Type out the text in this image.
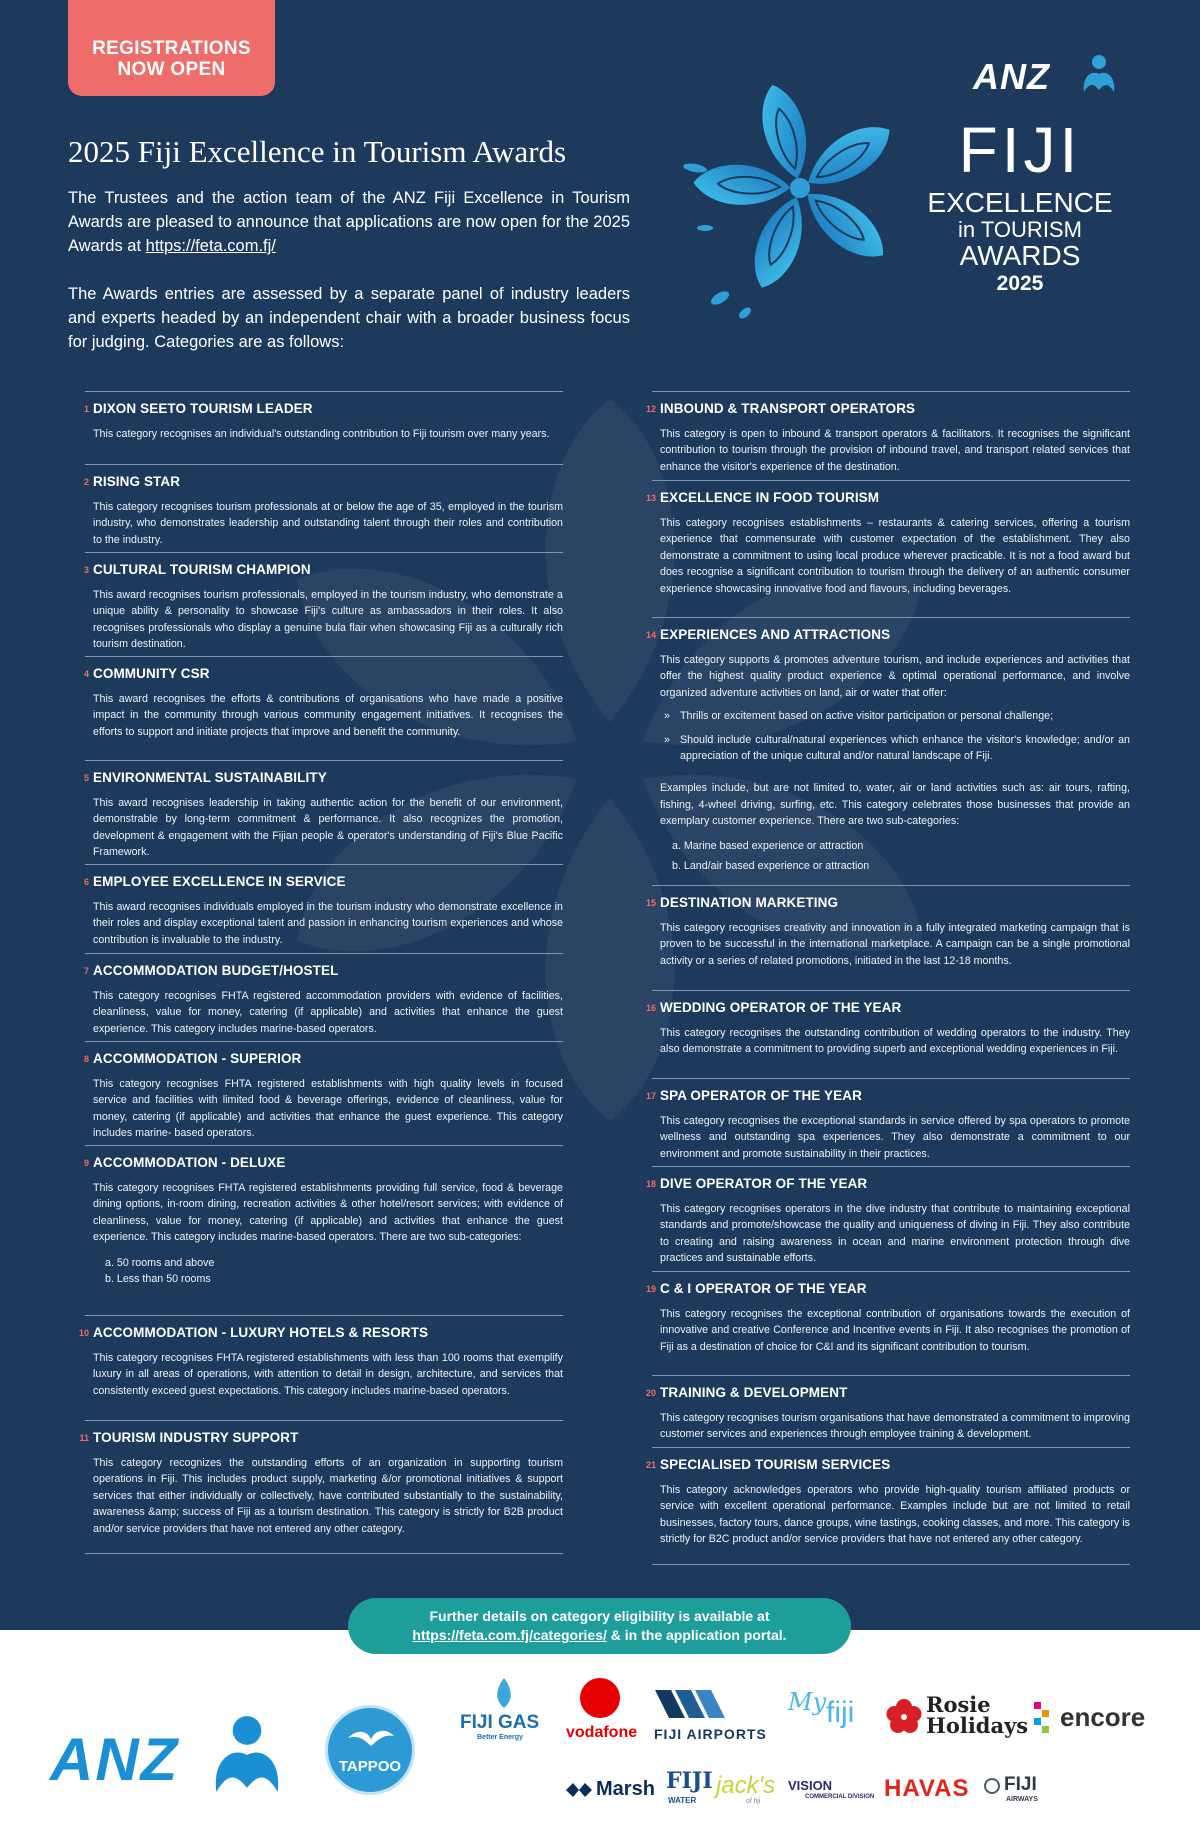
REGISTRATIONS
NOW OPEN
2025 Fiji Excellence in Tourism Awards

The Trustees and the action team of the ANZ Fiji Excellence in Tourism Awards are pleased to announce that applications are now open for the 2025 Awards at https://feta.com.fj/

The Awards entries are assessed by a separate panel of industry leaders and experts headed by an independent chair with a broader business focus for judging. Categories are as follows:

ANZ
FIJI
EXCELLENCE
in TOURISM
AWARDS
2025
1 DIXON SEETO TOURISM LEADER
This category recognises an individual's outstanding contribution to Fiji tourism over many years.
2 RISING STAR
This category recognises tourism professionals at or below the age of 35, employed in the tourism industry, who demonstrates leadership and outstanding talent through their roles and contribution to the industry.
3 CULTURAL TOURISM CHAMPION
This award recognises tourism professionals, employed in the tourism industry, who demonstrate a unique ability & personality to showcase Fiji's culture as ambassadors in their roles. It also recognises professionals who display a genuine bula flair when showcasing Fiji as a culturally rich tourism destination.
4 COMMUNITY CSR
This award recognises the efforts & contributions of organisations who have made a positive impact in the community through various community engagement initiatives. It recognises the efforts to support and initiate projects that improve and benefit the community.
5 ENVIRONMENTAL SUSTAINABILITY
This award recognises leadership in taking authentic action for the benefit of our environment, demonstrable by long-term commitment & performance. It also recognizes the promotion, development & engagement with the Fijian people & operator's understanding of Fiji's Blue Pacific Framework.
6 EMPLOYEE EXCELLENCE IN SERVICE
This award recognises individuals employed in the tourism industry who demonstrate excellence in their roles and display exceptional talent and passion in enhancing tourism experiences and whose contribution is invaluable to the industry.
7 ACCOMMODATION BUDGET/HOSTEL
This category recognises FHTA registered accommodation providers with evidence of facilities, cleanliness, value for money, catering (if applicable) and activities that enhance the guest experience. This category includes marine-based operators.
8 ACCOMMODATION - SUPERIOR
This category recognises FHTA registered establishments with high quality levels in focused service and facilities with limited food & beverage offerings, evidence of cleanliness, value for money, catering (if applicable) and activities that enhance the guest experience. This category includes marine- based operators.
9 ACCOMMODATION - DELUXE
This category recognises FHTA registered establishments providing full service, food & beverage dining options, in-room dining, recreation activities & other hotel/resort services; with evidence of cleanliness, value for money, catering (if applicable) and activities that enhance the guest experience. This category includes marine-based operators. There are two sub-categories:
a. 50 rooms and above
b. Less than 50 rooms
10 ACCOMMODATION - LUXURY HOTELS & RESORTS
This category recognises FHTA registered establishments with less than 100 rooms that exemplify luxury in all areas of operations, with attention to detail in design, architecture, and services that consistently exceed guest expectations. This category includes marine-based operators.
11 TOURISM INDUSTRY SUPPORT
This category recognizes the outstanding efforts of an organization in supporting tourism operations in Fiji. This includes product supply, marketing &/or promotional initiatives & support services that either individually or collectively, have contributed substantially to the sustainability, awareness &amp; success of Fiji as a tourism destination. This category is strictly for B2B product and/or service providers that have not entered any other category.
12 INBOUND & TRANSPORT OPERATORS
This category is open to inbound & transport operators & facilitators. It recognises the significant contribution to tourism through the provision of inbound travel, and transport related services that enhance the visitor's experience of the destination.
13 EXCELLENCE IN FOOD TOURISM
This category recognises establishments – restaurants & catering services, offering a tourism experience that commensurate with customer expectation of the establishment. They also demonstrate a commitment to using local produce wherever practicable. It is not a food award but does recognise a significant contribution to tourism through the delivery of an authentic consumer experience showcasing innovative food and flavours, including beverages.
14 EXPERIENCES AND ATTRACTIONS
This category supports & promotes adventure tourism, and include experiences and activities that offer the highest quality product experience & optimal operational performance, and involve organized adventure activities on land, air or water that offer:
» Thrills or excitement based on active visitor participation or personal challenge;
» Should include cultural/natural experiences which enhance the visitor's knowledge; and/or an appreciation of the unique cultural and/or natural landscape of Fiji.
Examples include, but are not limited to, water, air or land activities such as: air tours, rafting, fishing, 4-wheel driving, surfing, etc. This category celebrates those businesses that provide an exemplary customer experience. There are two sub-categories:
a. Marine based experience or attraction
b. Land/air based experience or attraction
15 DESTINATION MARKETING
This category recognises creativity and innovation in a fully integrated marketing campaign that is proven to be successful in the international marketplace. A campaign can be a single promotional activity or a series of related promotions, initiated in the last 12-18 months.
16 WEDDING OPERATOR OF THE YEAR
This category recognises the outstanding contribution of wedding operators to the industry. They also demonstrate a commitment to providing superb and exceptional wedding experiences in Fiji.
17 SPA OPERATOR OF THE YEAR
This category recognises the exceptional standards in service offered by spa operators to promote wellness and outstanding spa experiences. They also demonstrate a commitment to our environment and promote sustainability in their practices.
18 DIVE OPERATOR OF THE YEAR
This category recognises operators in the dive industry that contribute to maintaining exceptional standards and promote/showcase the quality and uniqueness of diving in Fiji. They also contribute to creating and raising awareness in ocean and marine environment protection through dive practices and sustainable efforts.
19 C & I OPERATOR OF THE YEAR
This category recognises the exceptional contribution of organisations towards the execution of innovative and creative Conference and Incentive events in Fiji. It also recognises the promotion of Fiji as a destination of choice for C&I and its significant contribution to tourism.
20 TRAINING & DEVELOPMENT
This category recognises tourism organisations that have demonstrated a commitment to improving customer services and experiences through employee training & development.
21 SPECIALISED TOURISM SERVICES
This category acknowledges operators who provide high-quality tourism affiliated products or service with excellent operational performance. Examples include but are not limited to retail businesses, factory tours, dance groups, wine tastings, cooking classes, and more. This category is strictly for B2C product and/or service providers that have not entered any other category.
Further details on category eligibility is available at
https://feta.com.fj/categories/ & in the application portal.
ANZ	TAPPOO
FIJI GAS
Better Energy	vodafone FIJI AIRPORTS
My fiji	Rosie
Holidays encore
Marsh FIJI
WATER
jack's
of fiji
VISION
COMMERCIAL DIVISION HAVAS FIJI
AIRWAYS
